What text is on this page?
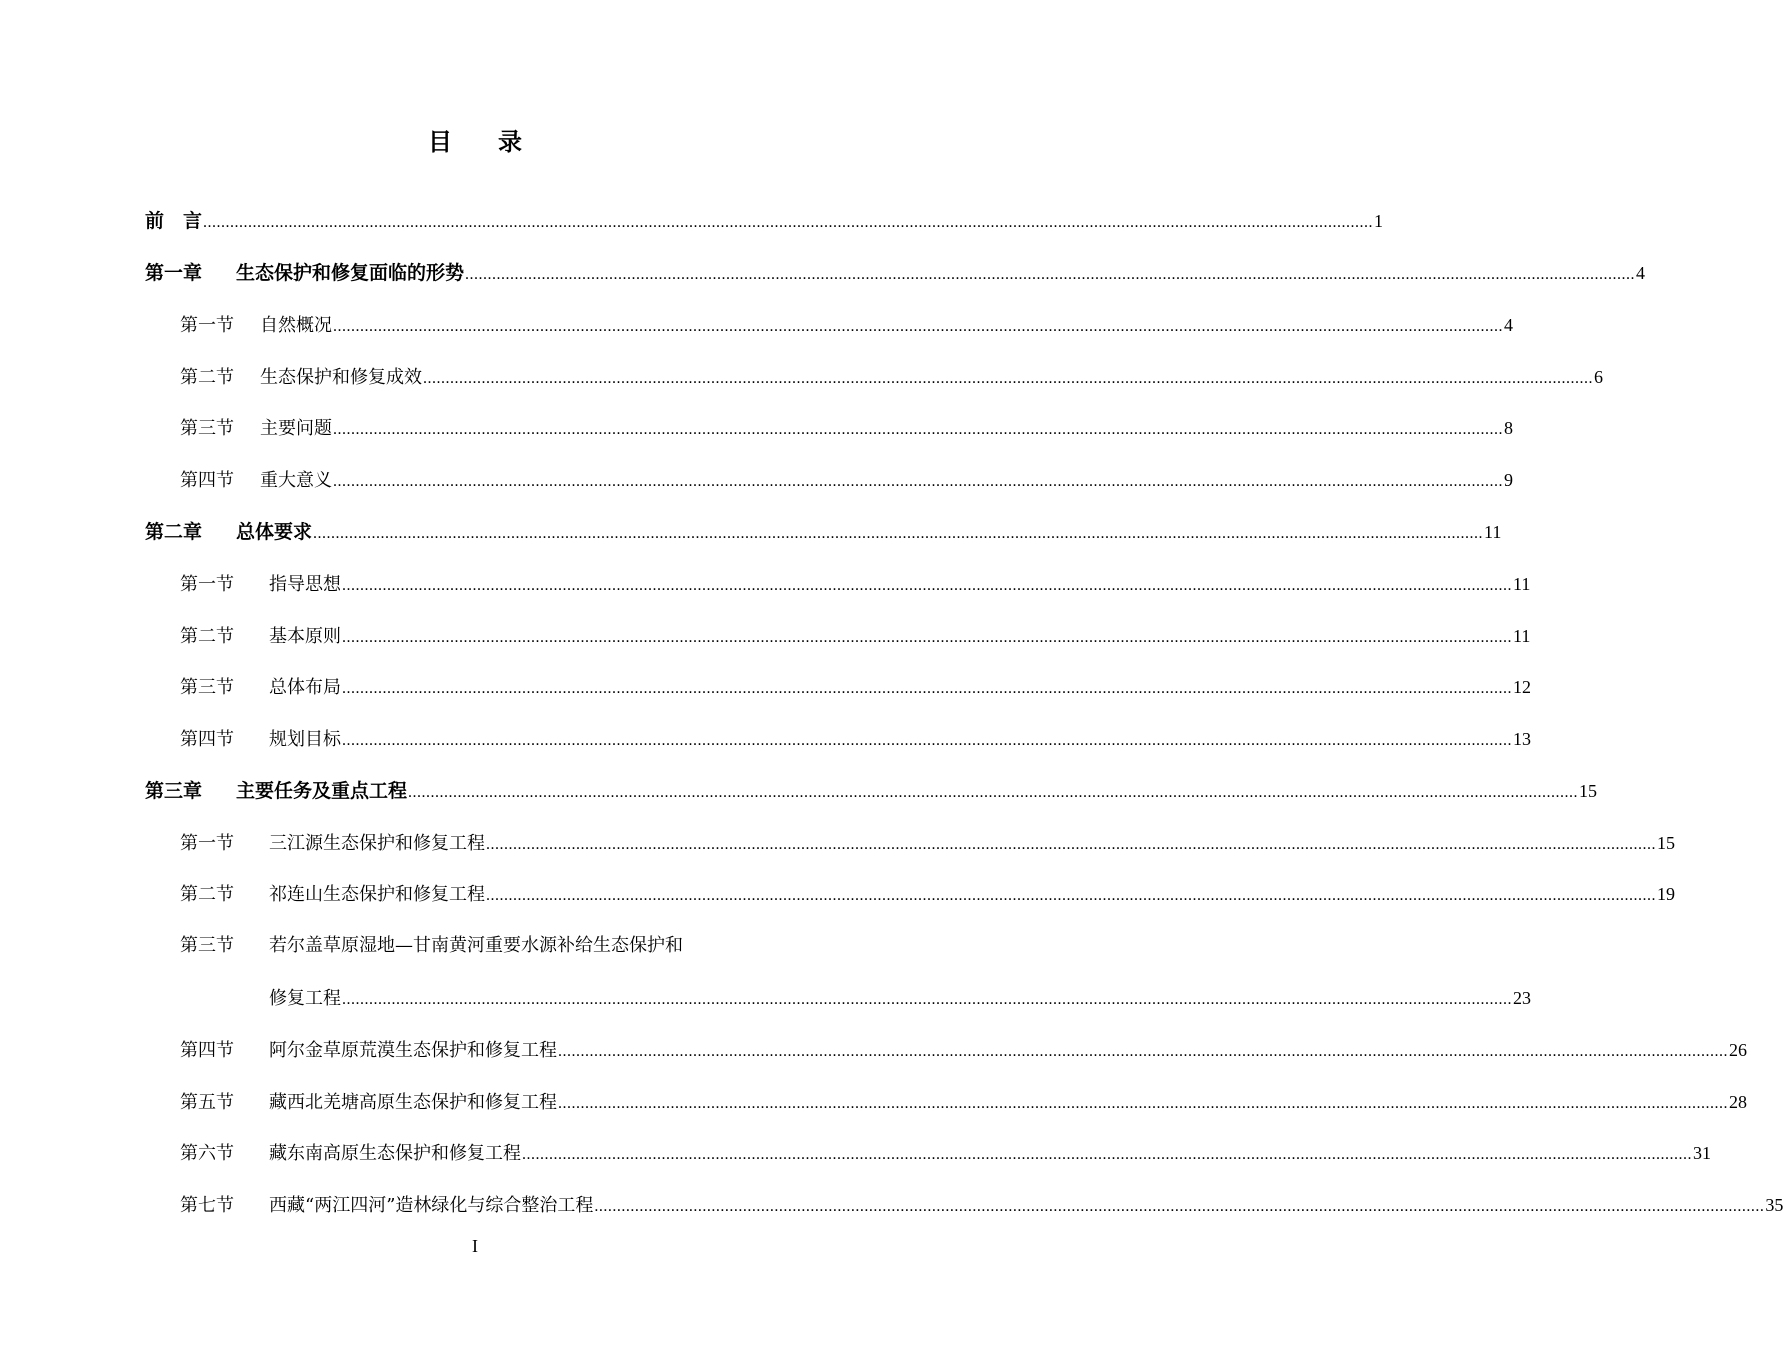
目 录
前　言 .................................................................................................................................................................................................................................................................... 1
第一章	生态保护和修复面临的形势 .................................................................................................................................................................................................................................................................... 4
第一节	自然概况 .................................................................................................................................................................................................................................................................... 4
第二节	生态保护和修复成效 .................................................................................................................................................................................................................................................................... 6
第三节	主要问题 .................................................................................................................................................................................................................................................................... 8
第四节	重大意义 .................................................................................................................................................................................................................................................................... 9
第二章	总体要求 .................................................................................................................................................................................................................................................................... 11
第一节	指导思想 .................................................................................................................................................................................................................................................................... 11
第二节	基本原则 .................................................................................................................................................................................................................................................................... 11
第三节	总体布局 .................................................................................................................................................................................................................................................................... 12
第四节	规划目标 .................................................................................................................................................................................................................................................................... 13
第三章	主要任务及重点工程 .................................................................................................................................................................................................................................................................... 15
第一节	三江源生态保护和修复工程 .................................................................................................................................................................................................................................................................... 15
第二节	祁连山生态保护和修复工程 .................................................................................................................................................................................................................................................................... 19
第三节 若尔盖草原湿地—甘南黄河重要水源补给生态保护和
修复工程 .................................................................................................................................................................................................................................................................... 23
第四节	阿尔金草原荒漠生态保护和修复工程 .................................................................................................................................................................................................................................................................... 26
第五节	藏西北羌塘高原生态保护和修复工程 .................................................................................................................................................................................................................................................................... 28
第六节	藏东南高原生态保护和修复工程 .................................................................................................................................................................................................................................................................... 31
第七节	西藏“两江四河”造林绿化与综合整治工程 .................................................................................................................................................................................................................................................................... 35
I
